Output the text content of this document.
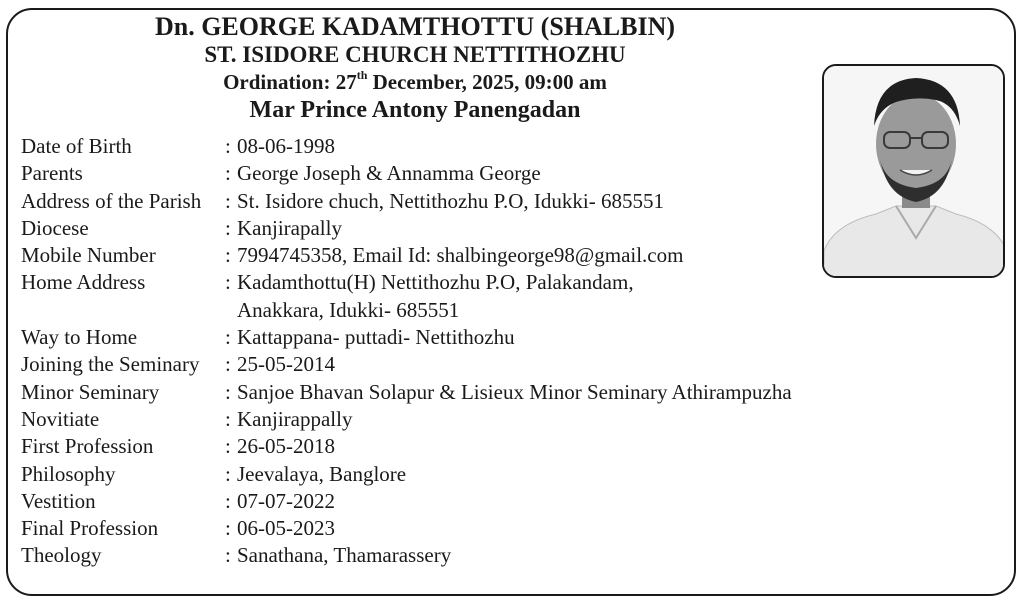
Dn. GEORGE KADAMTHOTTU (SHALBIN)
ST. ISIDORE CHURCH NETTITHOZHU
Ordination: 27th December, 2025, 09:00 am
Mar Prince Antony Panengadan
Date of Birth	: 08-06-1998
Parents	: George Joseph & Annamma George
Address of the Parish	: St. Isidore chuch, Nettithozhu P.O, Idukki- 685551
Diocese	: Kanjirapally
Mobile Number	: 7994745358, Email Id: shalbingeorge98@gmail.com
Home Address	: Kadamthottu(H) Nettithozhu P.O, Palakandam,
Anakkara, Idukki- 685551
Way to Home	: Kattappana- puttadi- Nettithozhu
Joining the Seminary	: 25-05-2014
Minor Seminary	: Sanjoe Bhavan Solapur & Lisieux Minor Seminary Athirampuzha
Novitiate	: Kanjirappally
First Profession	: 26-05-2018
Philosophy	: Jeevalaya, Banglore
Vestition	: 07-07-2022
Final Profession	: 06-05-2023
Theology	: Sanathana, Thamarassery
